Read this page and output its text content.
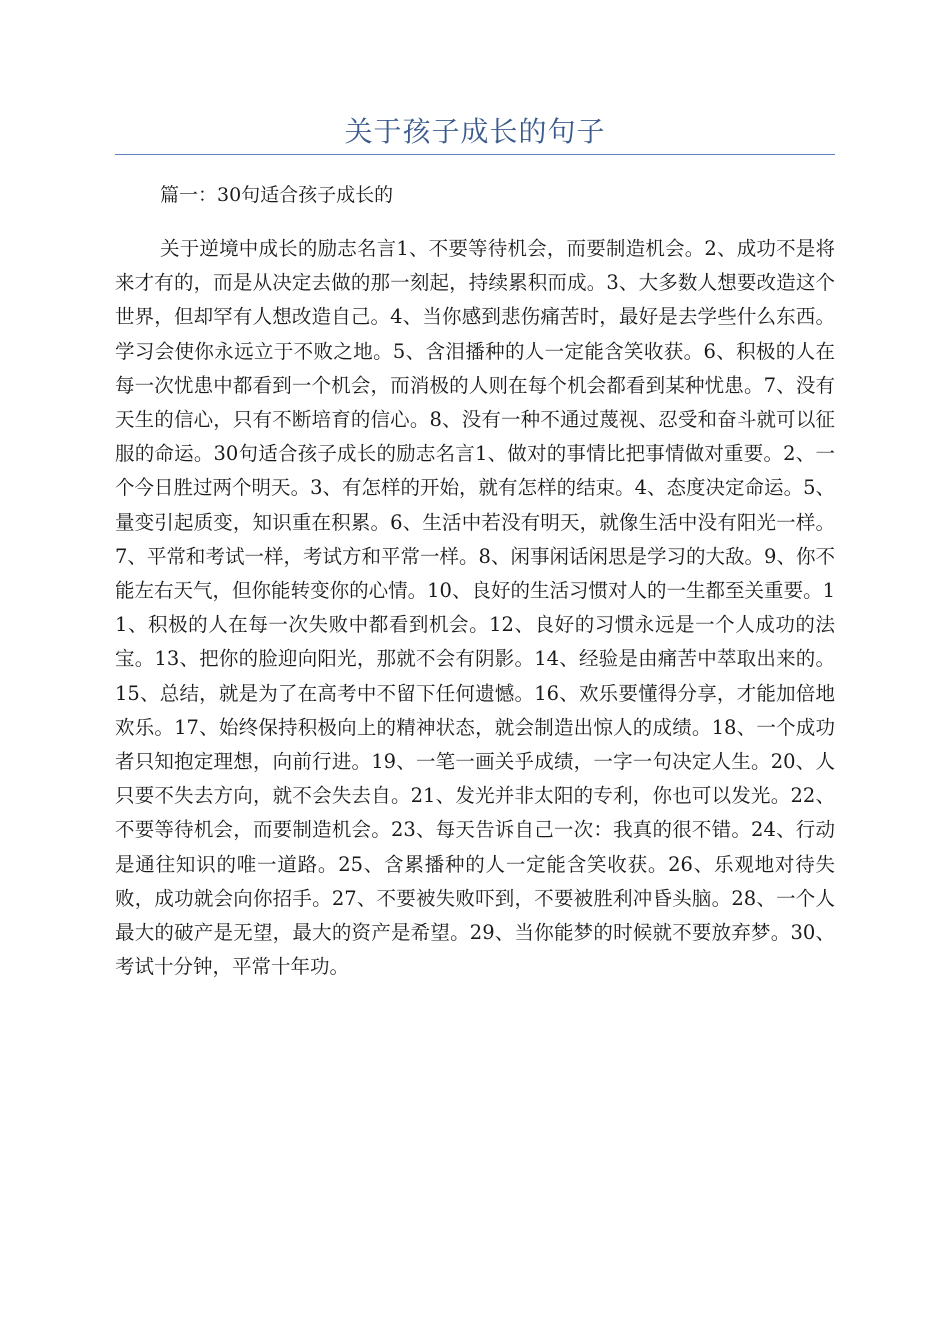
关于孩子成长的句子
篇一：30句适合孩子成长的

关于逆境中成长的励志名言1、不要等待机会，而要制造机会。2、成功不是将来才有的，而是从决定去做的那一刻起，持续累积而成。3、大多数人想要改造这个世界，但却罕有人想改造自己。4、当你感到悲伤痛苦时，最好是去学些什么东西。学习会使你永远立于不败之地。5、含泪播种的人一定能含笑收获。6、积极的人在每一次忧患中都看到一个机会，而消极的人则在每个机会都看到某种忧患。7、没有天生的信心，只有不断培育的信心。8、没有一种不通过蔑视、忍受和奋斗就可以征服的命运。30句适合孩子成长的励志名言1、做对的事情比把事情做对重要。2、一个今日胜过两个明天。3、有怎样的开始，就有怎样的结束。4、态度决定命运。5、量变引起质变，知识重在积累。6、生活中若没有明天，就像生活中没有阳光一样。7、平常和考试一样，考试方和平常一样。8、闲事闲话闲思是学习的大敌。9、你不能左右天气，但你能转变你的心情。10、良好的生活习惯对人的一生都至关重要。11、积极的人在每一次失败中都看到机会。12、良好的习惯永远是一个人成功的法宝。13、把你的脸迎向阳光，那就不会有阴影。14、经验是由痛苦中萃取出来的。15、总结，就是为了在高考中不留下任何遗憾。16、欢乐要懂得分享，才能加倍地欢乐。17、始终保持积极向上的精神状态，就会制造出惊人的成绩。18、一个成功者只知抱定理想，向前行进。19、一笔一画关乎成绩，一字一句决定人生。20、人只要不失去方向，就不会失去自。21、发光并非太阳的专利，你也可以发光。22、不要等待机会，而要制造机会。23、每天告诉自己一次：我真的很不错。24、行动是通往知识的唯一道路。25、含累播种的人一定能含笑收获。26、乐观地对待失败，成功就会向你招手。27、不要被失败吓到，不要被胜利冲昏头脑。28、一个人最大的破产是无望，最大的资产是希望。29、当你能梦的时候就不要放弃梦。30、考试十分钟，平常十年功。
